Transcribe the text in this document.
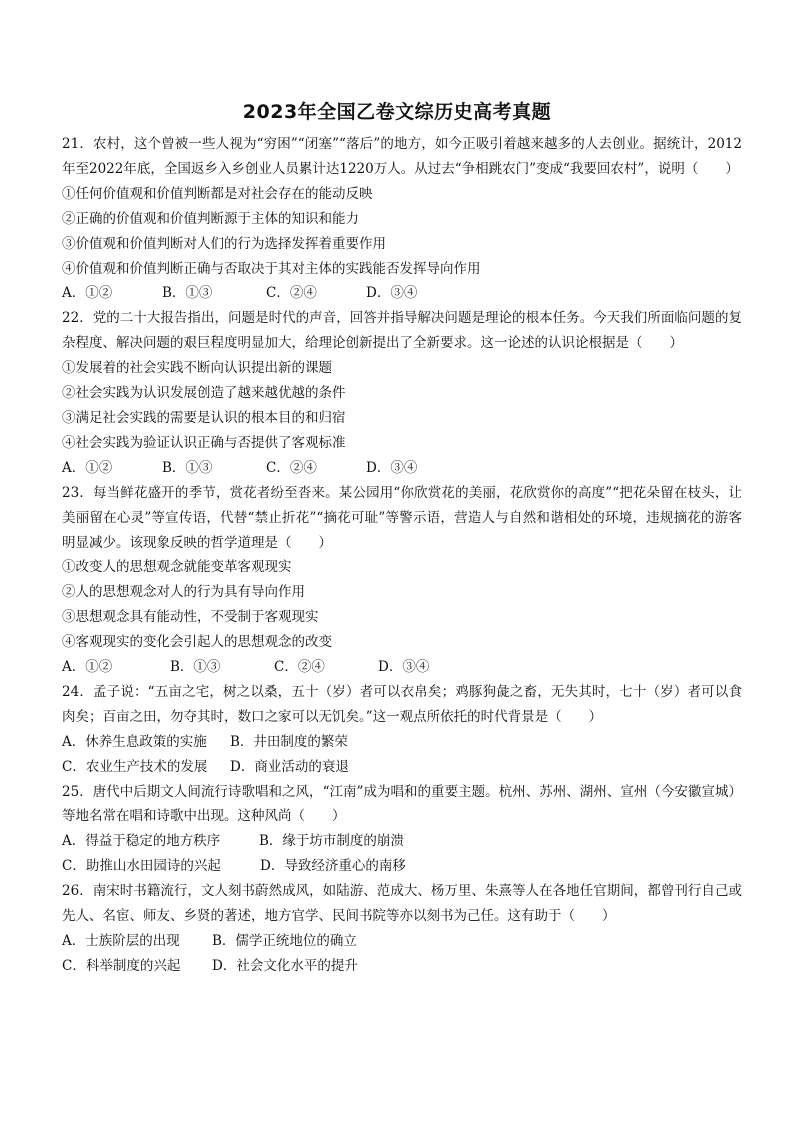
2023年全国乙卷文综历史高考真题

21．农村，这个曾被一些人视为“穷困”“闭塞”“落后”的地方，如今正吸引着越来越多的人去创业。据统计，2012年至2022年底，全国返乡入乡创业人员累计达1220万人。从过去“争相跳农门”变成“我要回农村”，说明（　　）

①任何价值观和价值判断都是对社会存在的能动反映

②正确的价值观和价值判断源于主体的知识和能力

③价值观和价值判断对人们的行为选择发挥着重要作用

④价值观和价值判断正确与否取决于其对主体的实践能否发挥导向作用

A．①②	B．①③	C．②④	D．③④

22．党的二十大报告指出，问题是时代的声音，回答并指导解决问题是理论的根本任务。今天我们所面临问题的复杂程度、解决问题的艰巨程度明显加大，给理论创新提出了全新要求。这一论述的认识论根据是（　　）

①发展着的社会实践不断向认识提出新的课题

②社会实践为认识发展创造了越来越优越的条件

③满足社会实践的需要是认识的根本目的和归宿

④社会实践为验证认识正确与否提供了客观标准

A．①②	B．①③	C．②④	D．③④

23．每当鲜花盛开的季节，赏花者纷至沓来。某公园用“你欣赏花的美丽，花欣赏你的高度”“把花朵留在枝头，让美丽留在心灵”等宣传语，代替“禁止折花”“摘花可耻”等警示语，营造人与自然和谐相处的环境，违规摘花的游客明显减少。该现象反映的哲学道理是（　　）

①改变人的思想观念就能变革客观现实

②人的思想观念对人的行为具有导向作用

③思想观念具有能动性，不受制于客观现实

④客观现实的变化会引起人的思想观念的改变

A．①②	B．①③	C．②④	D．③④

24．孟子说：“五亩之宅，树之以桑，五十（岁）者可以衣帛矣；鸡豚狗彘之畜，无失其时，七十（岁）者可以食肉矣；百亩之田，勿夺其时，数口之家可以无饥矣。”这一观点所依托的时代背景是（　　）

A．休养生息政策的实施	B．井田制度的繁荣
C．农业生产技术的发展	D．商业活动的衰退

25．唐代中后期文人间流行诗歌唱和之风，“江南”成为唱和的重要主题。杭州、苏州、湖州、宣州（今安徽宣城）等地名常在唱和诗歌中出现。这种风尚（　　）

A．得益于稳定的地方秩序	B．缘于坊市制度的崩溃
C．助推山水田园诗的兴起	D．导致经济重心的南移

26．南宋时书籍流行，文人刻书蔚然成风，如陆游、范成大、杨万里、朱熹等人在各地任官期间，都曾刊行自己或先人、名宦、师友、乡贤的著述，地方官学、民间书院等亦以刻书为己任。这有助于（　　）

A．士族阶层的出现	B．儒学正统地位的确立
C．科举制度的兴起	D．社会文化水平的提升
